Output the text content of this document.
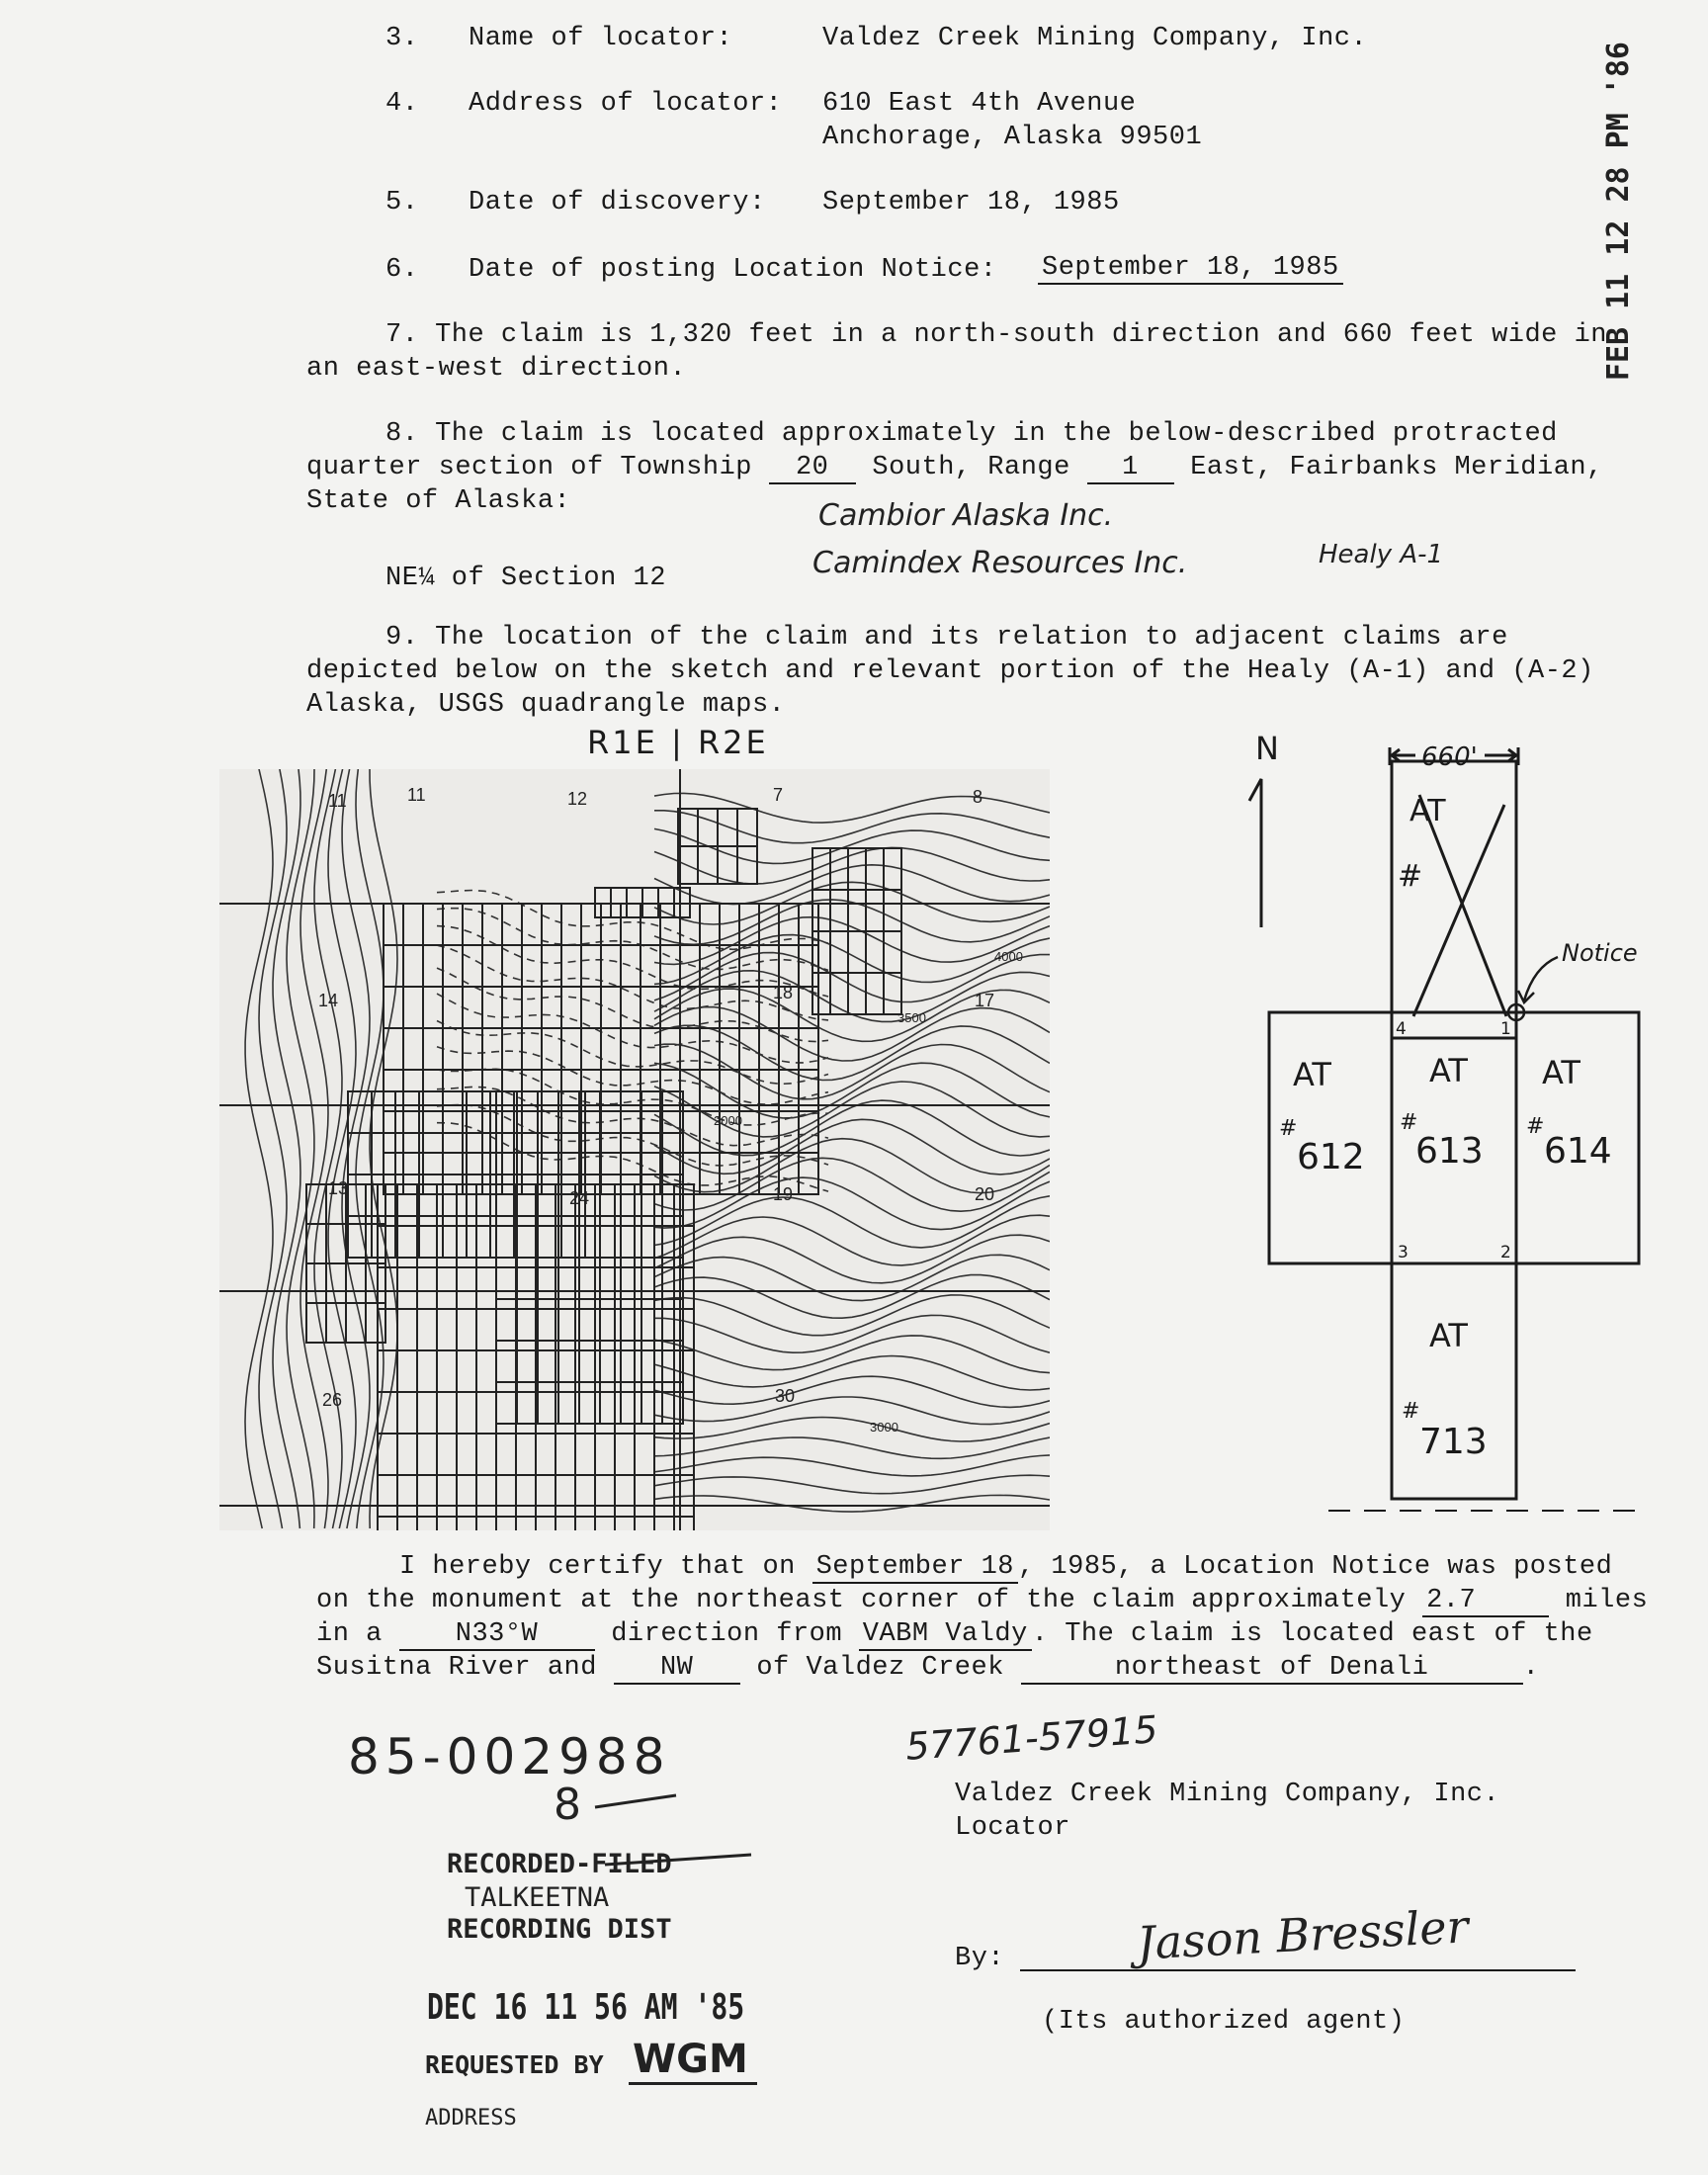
3. Name of locator:	Valdez Creek Mining Company, Inc.
4. Address of locator: 610 East 4th Avenue
Anchorage, Alaska 99501
5. Date of discovery: September 18, 1985
6. Date of posting Location Notice: September 18, 1985
7. The claim is 1,320 feet in a north-south direction and 660 feet wide in
an east-west direction.
8. The claim is located approximately in the below-described protracted
quarter section of Township 20 South, Range 1 East, Fairbanks Meridian,
State of Alaska:	Cambior Alaska Inc.
Camindex Resources Inc.	Healy A-1
NE¼ of Section 12
9. The location of the claim and its relation to adjacent claims are
depicted below on the sketch and relevant portion of the Healy (A-1) and (A-2)
Alaska, USGS quadrangle maps.
R1E | R2E
11	11	12	7	8
14
13
18	17
24	19	20
26	30
4000
3500
2000
3000
N	660'
Notice
AT
#
AT
#
612
AT
#
613
AT
#
614
AT
#
713
4	1
3	2
I hereby certify that on September 18 , 1985, a Location Notice was posted
on the monument at the northeast corner of the claim approximately 2.7	miles
in a	N33°W	direction from VABM Valdy . The claim is located east of the
Susitna River and NW of Valdez Creek	northeast of Denali	.
85-002988
8
57761-57915
Valdez Creek Mining Company, Inc.
Locator
By:	Jason Bressler
(Its authorized agent)
RECORDED-FILED
TALKEETNA
RECORDING DIST
DEC 16 11 56 AM '85
REQUESTED BY WGM
ADDRESS
FEB 11 12 28 PM '86
